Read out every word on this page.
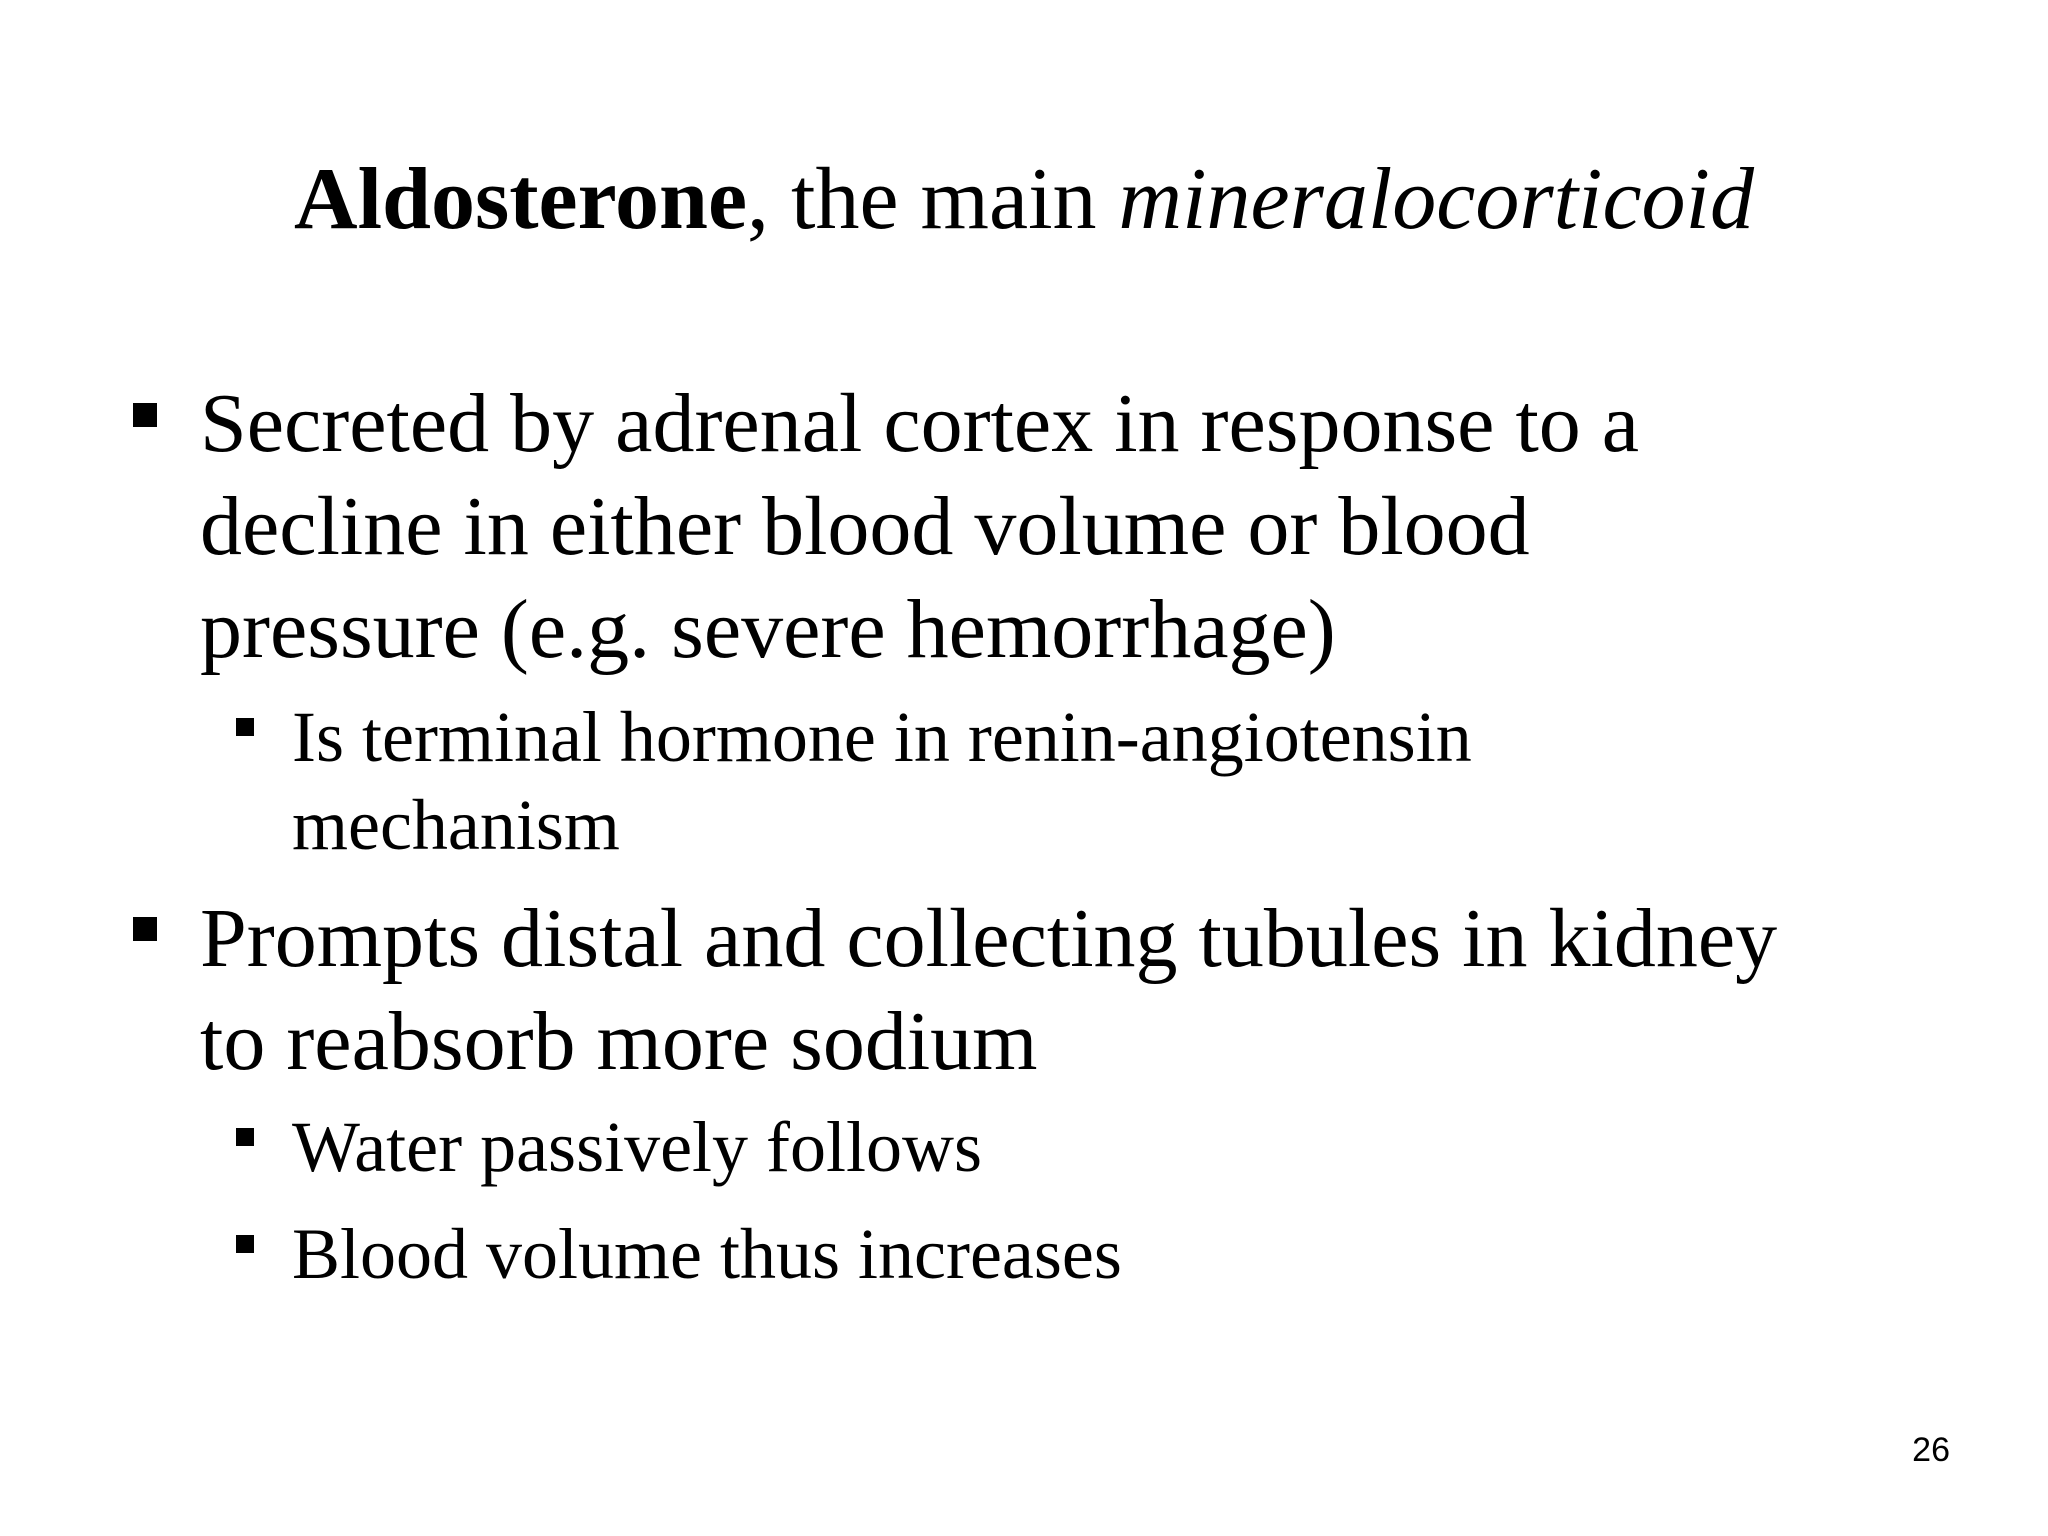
Aldosterone, the main mineralocorticoid
Secreted by adrenal cortex in response to a
decline in either blood volume or blood
pressure (e.g. severe hemorrhage)
Is terminal hormone in renin-angiotensin
mechanism
Prompts distal and collecting tubules in kidney
to reabsorb more sodium
Water passively follows
Blood volume thus increases
26
